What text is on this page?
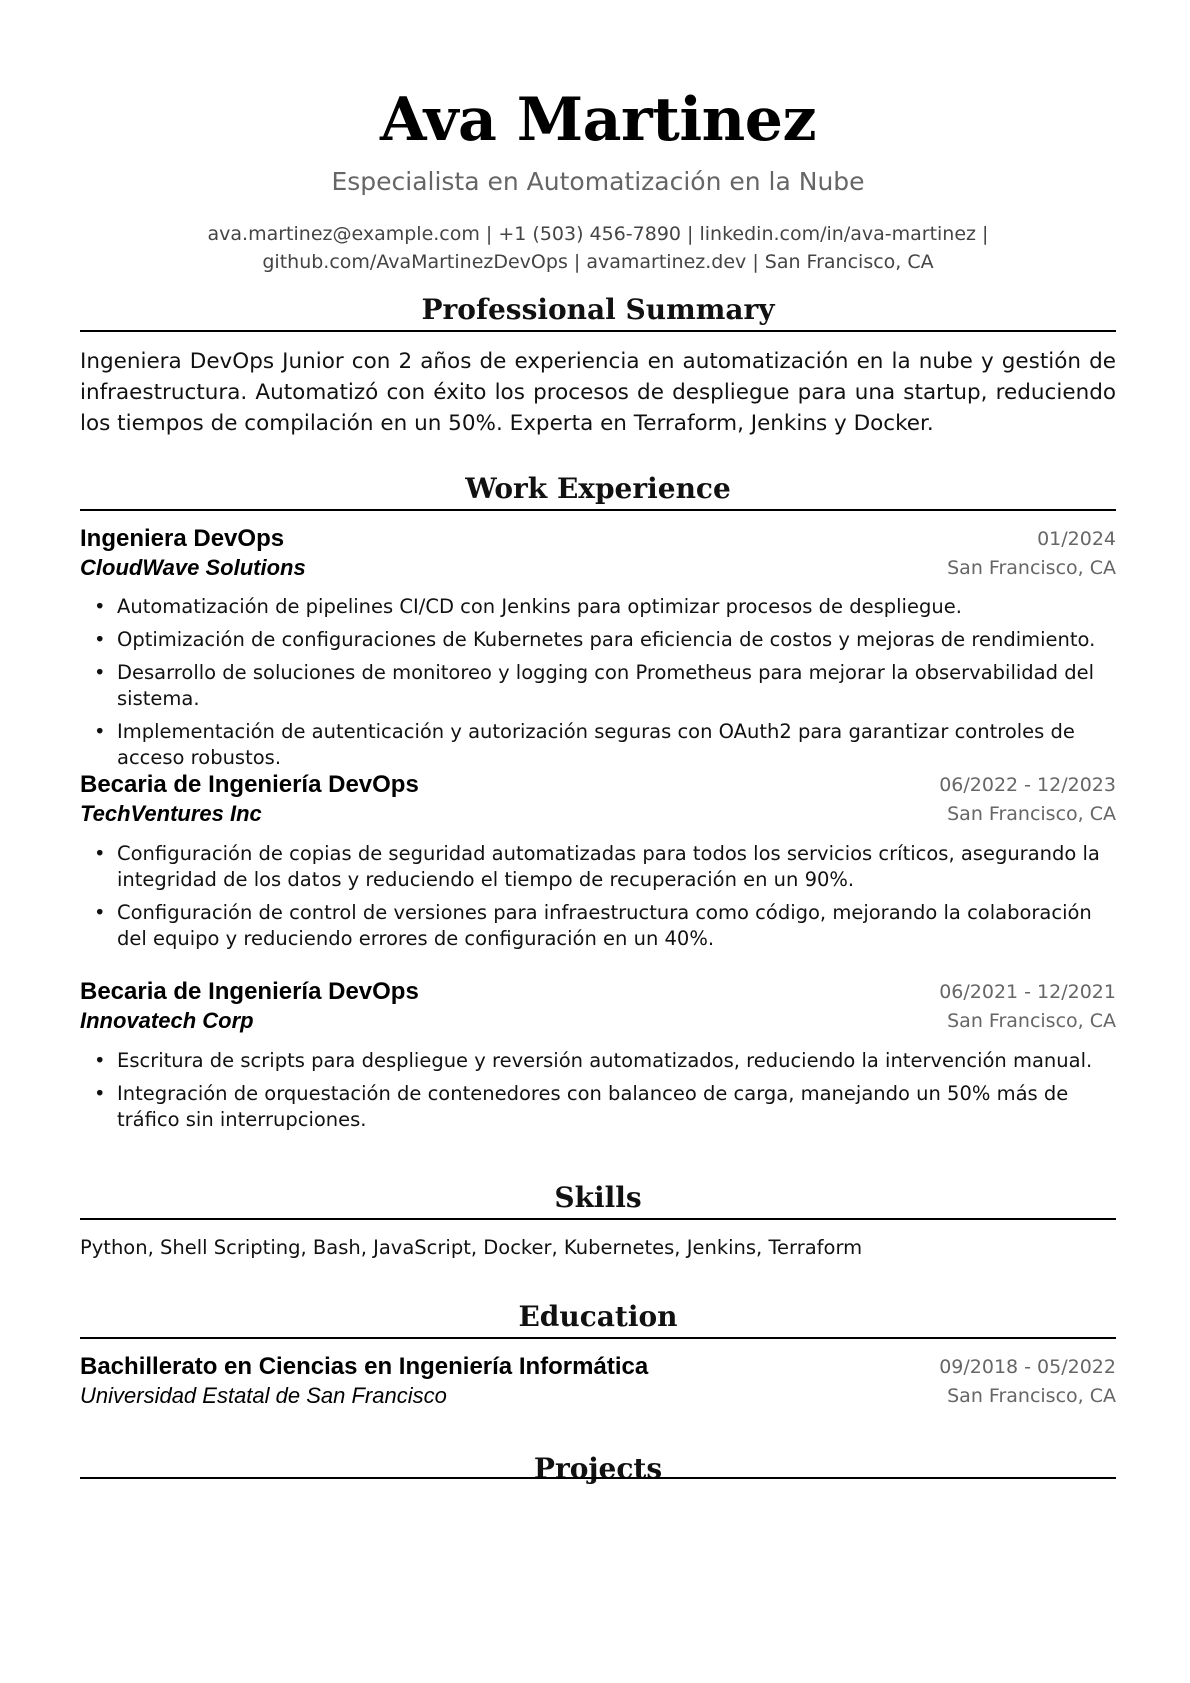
Ava Martinez
Especialista en Automatización en la Nube
ava.martinez@example.com | +1 (503) 456-7890 | linkedin.com/in/ava-martinez |
github.com/AvaMartinezDevOps | avamartinez.dev | San Francisco, CA
Professional Summary

Ingeniera DevOps Junior con 2 años de experiencia en automatización en la nube y gestión de infraestructura. Automatizó con éxito los procesos de despliegue para una startup, reduciendo los tiempos de compilación en un 50%. Experta en Terraform, Jenkins y Docker.

Work Experience
Ingeniera DevOps	01/2024
CloudWave Solutions	San Francisco, CA
• Automatización de pipelines CI/CD con Jenkins para optimizar procesos de despliegue.
• Optimización de configuraciones de Kubernetes para eficiencia de costos y mejoras de rendimiento.
• Desarrollo de soluciones de monitoreo y logging con Prometheus para mejorar la observabilidad del sistema.
• Implementación de autenticación y autorización seguras con OAuth2 para garantizar controles de acceso robustos.
Becaria de Ingeniería DevOps	06/2022 - 12/2023
TechVentures Inc	San Francisco, CA
• Configuración de copias de seguridad automatizadas para todos los servicios críticos, asegurando la integridad de los datos y reduciendo el tiempo de recuperación en un 90%.
• Configuración de control de versiones para infraestructura como código, mejorando la colaboración del equipo y reduciendo errores de configuración en un 40%.
Becaria de Ingeniería DevOps	06/2021 - 12/2021
Innovatech Corp	San Francisco, CA
• Escritura de scripts para despliegue y reversión automatizados, reduciendo la intervención manual.
• Integración de orquestación de contenedores con balanceo de carga, manejando un 50% más de tráfico sin interrupciones.
Skills

Python, Shell Scripting, Bash, JavaScript, Docker, Kubernetes, Jenkins, Terraform

Education
Bachillerato en Ciencias en Ingeniería Informática	09/2018 - 05/2022
Universidad Estatal de San Francisco	San Francisco, CA
Projects
